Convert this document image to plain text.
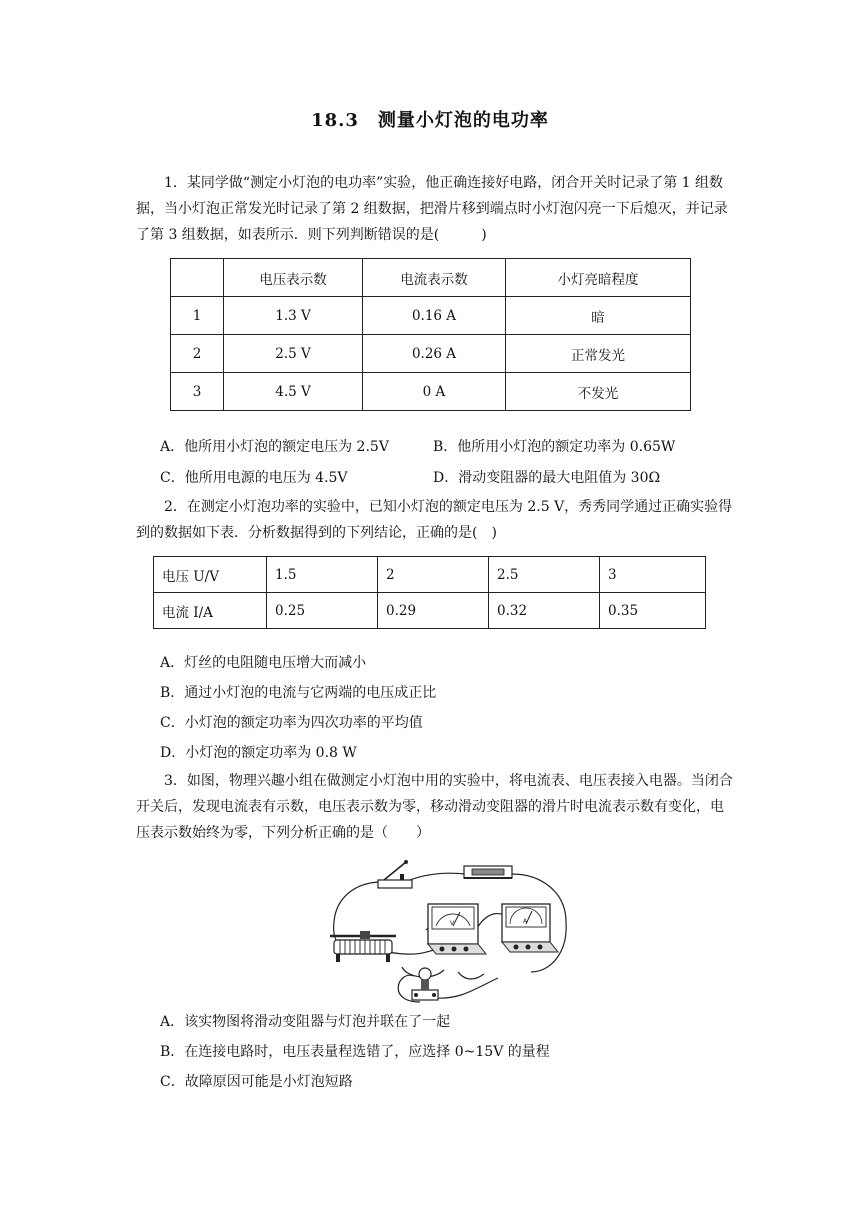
18.3　测量小灯泡的电功率
1．某同学做“测定小灯泡的电功率”实验，他正确连接好电路，闭合开关时记录了第 1 组数据，当小灯泡正常发光时记录了第 2 组数据，把滑片移到端点时小灯泡闪亮一下后熄灭，并记录了第 3 组数据，如表所示．则下列判断错误的是(　　　)
	电压表示数	电流表示数	小灯亮暗程度
1	1.3 V	0.16 A	暗
2	2.5 V	0.26 A	正常发光
3	4.5 V	0 A	不发光
A．他所用小灯泡的额定电压为 2.5V	B．他所用小灯泡的额定功率为 0.65W
C．他所用电源的电压为 4.5V	D．滑动变阻器的最大电阻值为 30Ω
2．在测定小灯泡功率的实验中，已知小灯泡的额定电压为 2.5 V，秀秀同学通过正确实验得到的数据如下表．分析数据得到的下列结论，正确的是(　)
电压 U/V	1.5	2	2.5	3
电流 I/A	0.25	0.29	0.32	0.35
A．灯丝的电阻随电压增大而减小
B．通过小灯泡的电流与它两端的电压成正比
C．小灯泡的额定功率为四次功率的平均值
D．小灯泡的额定功率为 0.8 W
3．如图，物理兴趣小组在做测定小灯泡中用的实验中，将电流表、电压表接入电器。当闭合开关后，发现电流表有示数，电压表示数为零，移动滑动变阻器的滑片时电流表示数有变化，电压表示数始终为零，下列分析正确的是（　　）
V	A
A．该实物图将滑动变阻器与灯泡并联在了一起
B．在连接电路时，电压表量程选错了，应选择 0~15V 的量程
C．故障原因可能是小灯泡短路
